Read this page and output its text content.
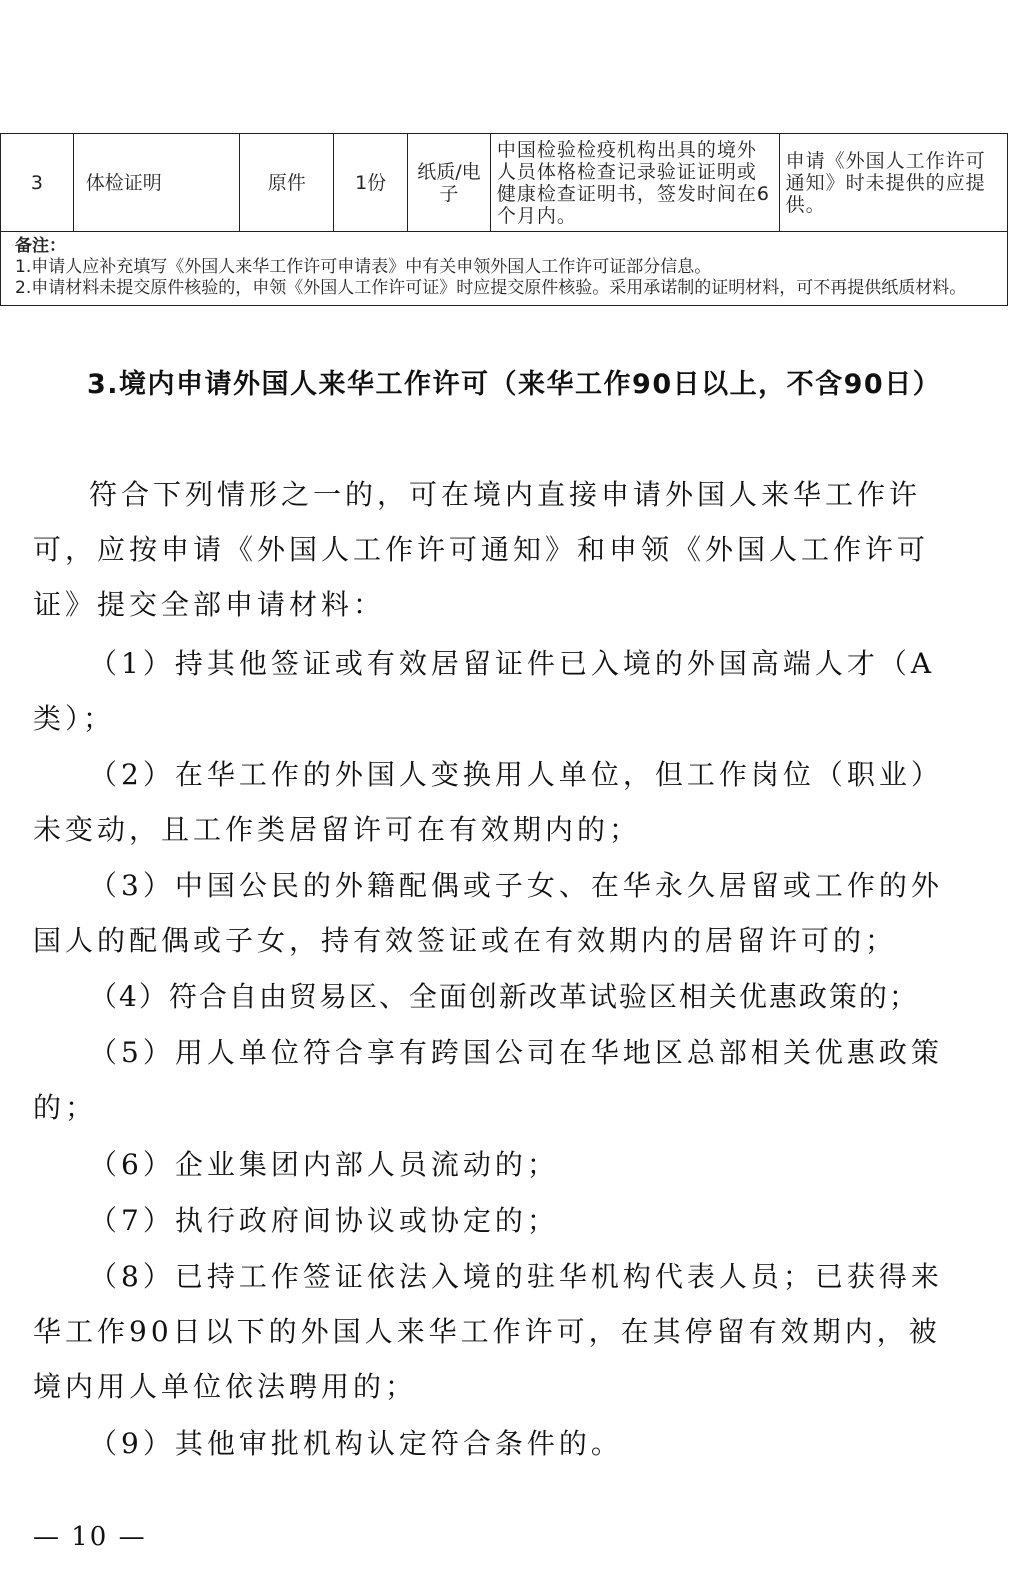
3	体检证明	原件	1份	纸质/电子	中国检验检疫机构出具的境外人员体格检查记录验证证明或健康检查证明书，签发时间在6个月内。	申请《外国人工作许可通知》时未提供的应提供。

备注：
1.申请人应补充填写《外国人来华工作许可申请表》中有关申领外国人工作许可证部分信息。
2.申请材料未提交原件核验的，申领《外国人工作许可证》时应提交原件核验。采用承诺制的证明材料，可不再提供纸质材料。

3.境内申请外国人来华工作许可（来华工作90日以上，不含90日）

符合下列情形之一的，可在境内直接申请外国人来华工作许可，应按申请《外国人工作许可通知》和申领《外国人工作许可证》提交全部申请材料：

（1）持其他签证或有效居留证件已入境的外国高端人才（A类）；

（2）在华工作的外国人变换用人单位，但工作岗位（职业）未变动，且工作类居留许可在有效期内的；

（3）中国公民的外籍配偶或子女、在华永久居留或工作的外国人的配偶或子女，持有效签证或在有效期内的居留许可的；

（4）符合自由贸易区、全面创新改革试验区相关优惠政策的；

（5）用人单位符合享有跨国公司在华地区总部相关优惠政策的；

（6）企业集团内部人员流动的；

（7）执行政府间协议或协定的；

（8）已持工作签证依法入境的驻华机构代表人员；已获得来华工作90日以下的外国人来华工作许可，在其停留有效期内，被境内用人单位依法聘用的；

（9）其他审批机构认定符合条件的。

— 10 —
